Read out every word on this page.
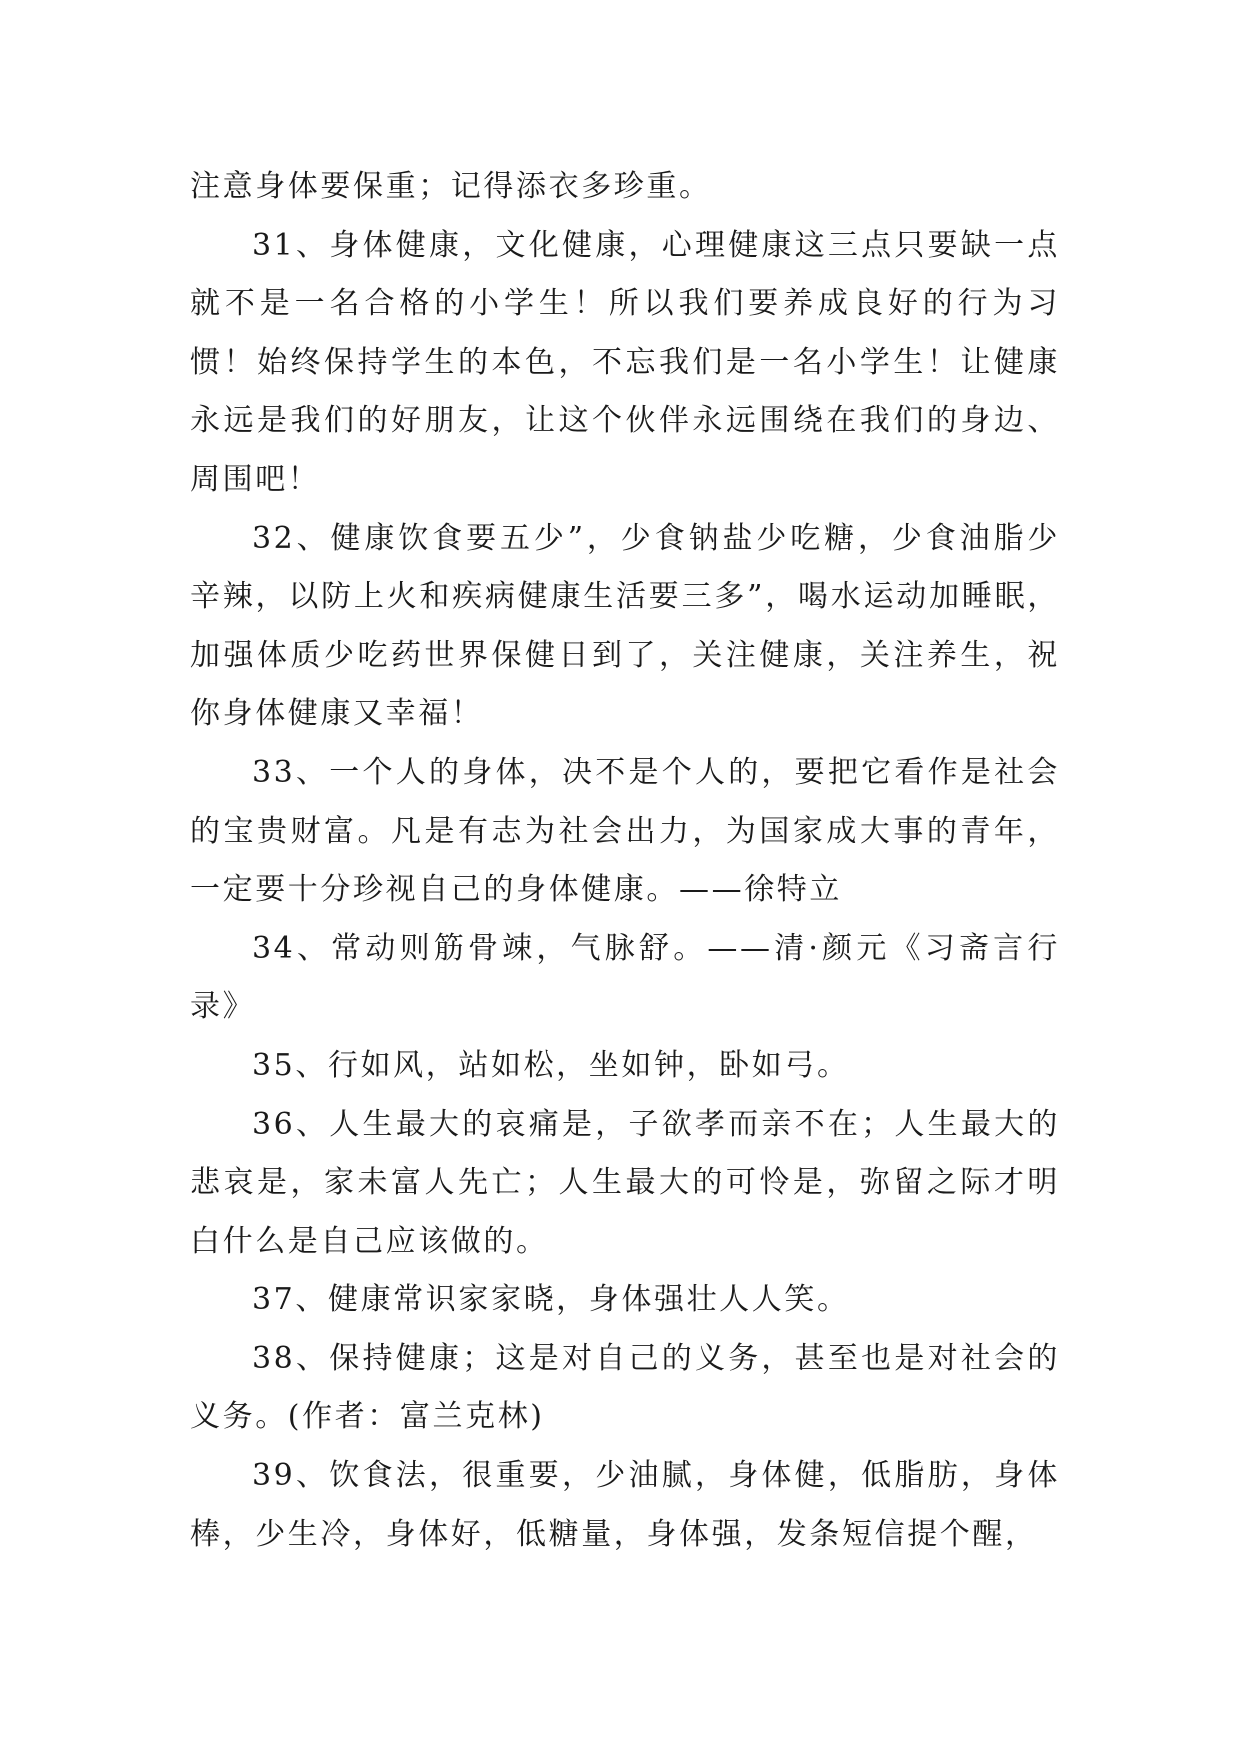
注意身体要保重；记得添衣多珍重。

31、身体健康，文化健康，心理健康这三点只要缺一点就不是一名合格的小学生！所以我们要养成良好的行为习惯！始终保持学生的本色，不忘我们是一名小学生！让健康永远是我们的好朋友，让这个伙伴永远围绕在我们的身边、周围吧！

32、健康饮食要五少”，少食钠盐少吃糖，少食油脂少辛辣，以防上火和疾病健康生活要三多”，喝水运动加睡眠，加强体质少吃药世界保健日到了，关注健康，关注养生，祝你身体健康又幸福！

33、一个人的身体，决不是个人的，要把它看作是社会的宝贵财富。凡是有志为社会出力，为国家成大事的青年，一定要十分珍视自己的身体健康。——徐特立

34、常动则筋骨竦，气脉舒。——清·颜元《习斋言行录》

35、行如风，站如松，坐如钟，卧如弓。

36、人生最大的哀痛是，子欲孝而亲不在；人生最大的悲哀是，家未富人先亡；人生最大的可怜是，弥留之际才明白什么是自己应该做的。

37、健康常识家家晓，身体强壮人人笑。

38、保持健康；这是对自己的义务，甚至也是对社会的义务。(作者：富兰克林)

39、饮食法，很重要，少油腻，身体健，低脂肪，身体棒，少生冷，身体好，低糖量，身体强，发条短信提个醒，
